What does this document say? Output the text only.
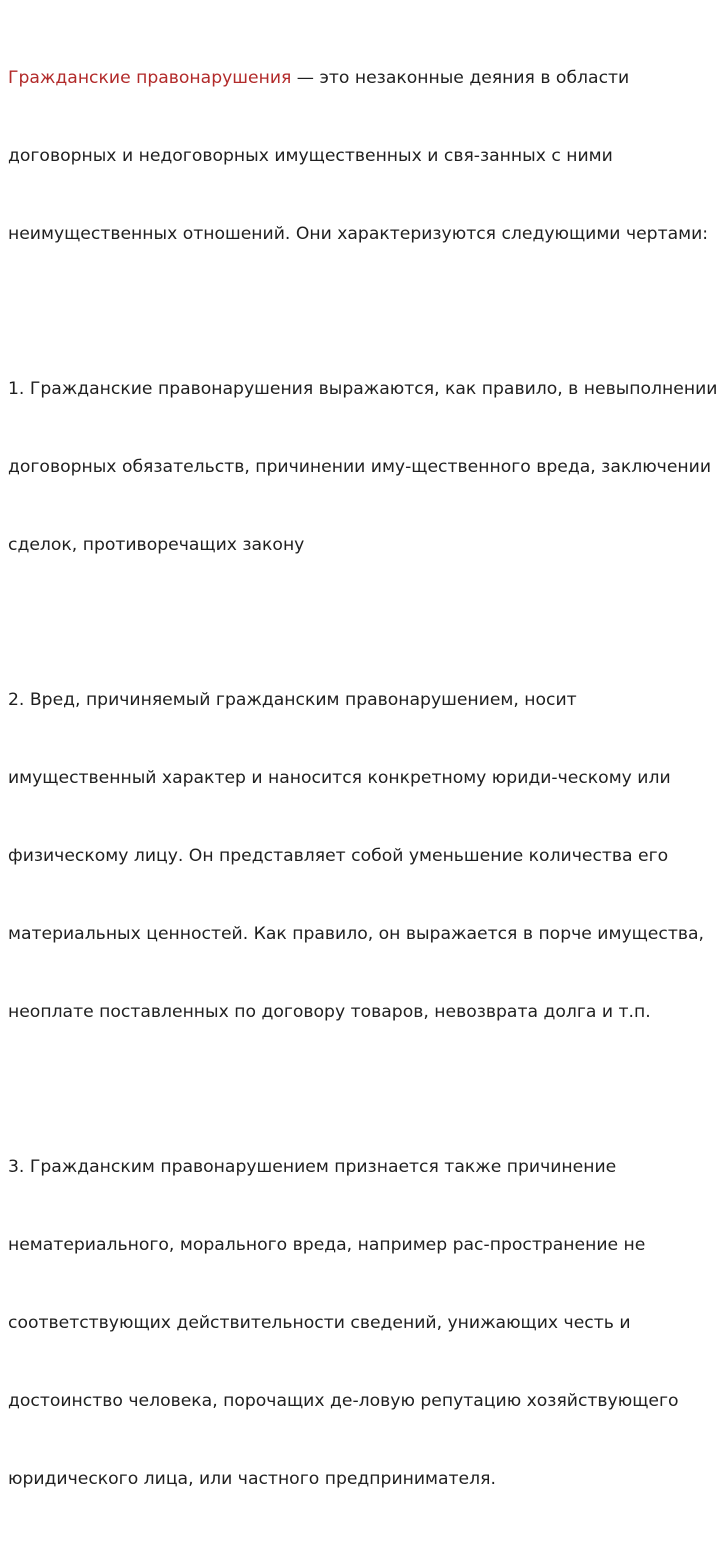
Гражданские правонарушения — это незаконные деяния в области

договорных и недоговорных имущественных и свя-занных с ними

неимущественных отношений. Они характеризуются следующими чертами:

1. Гражданские правонарушения выражаются, как правило, в невыполнении

договорных обязательств, причинении иму-щественного вреда, заключении

сделок, противоречащих закону

2. Вред, причиняемый гражданским правонарушением, носит

имущественный характер и наносится конкретному юриди-ческому или

физическому лицу. Он представляет собой уменьшение количества его

материальных ценностей. Как правило, он выражается в порче имущества,

неоплате поставленных по договору товаров, невозврата долга и т.п.

3. Гражданским правонарушением признается также причинение

нематериального, морального вреда, например рас-пространение не

соответствующих действительности сведений, унижающих честь и

достоинство человека, порочащих де-ловую репутацию хозяйствующего

юридического лица, или частного предпринимателя.
